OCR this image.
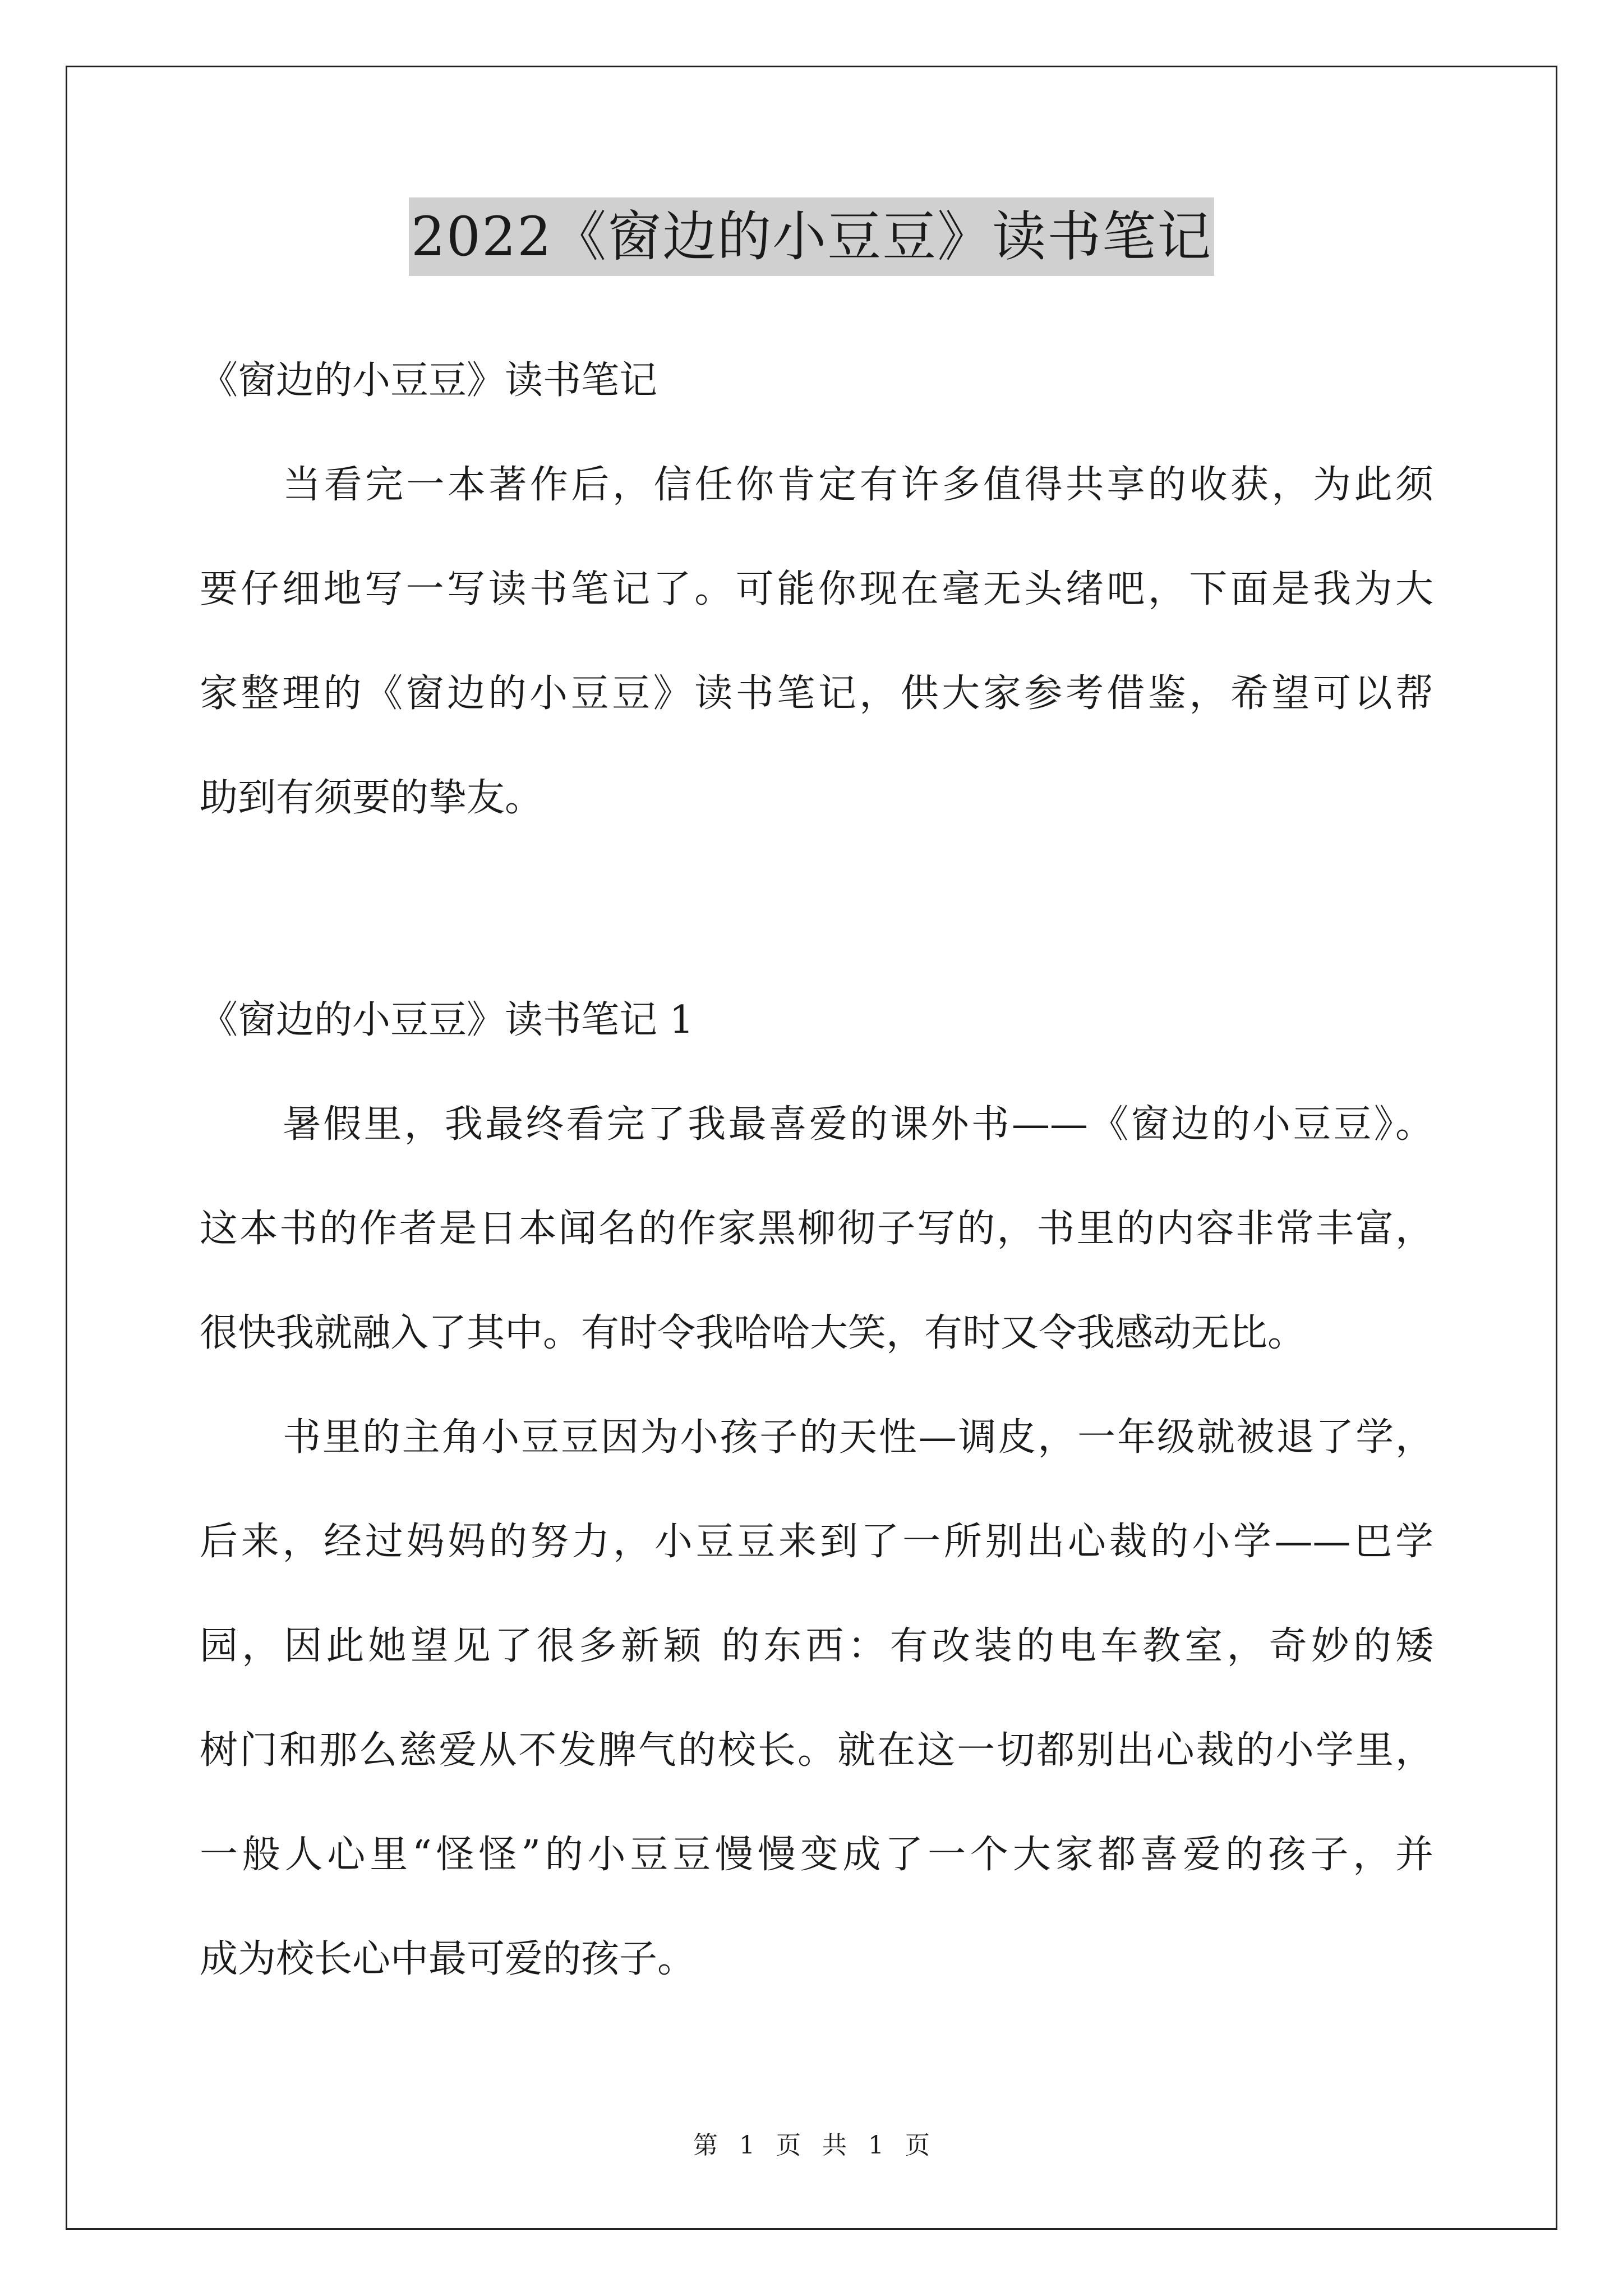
2022《窗边的小豆豆》读书笔记
《窗边的小豆豆》读书笔记
当看完一本著作后，信任你肯定有许多值得共享的收获，为此须
要仔细地写一写读书笔记了。可能你现在毫无头绪吧，下面是我为大
家整理的《窗边的小豆豆》读书笔记，供大家参考借鉴，希望可以帮
助到有须要的挚友。
《窗边的小豆豆》读书笔记 1
暑假里，我最终看完了我最喜爱的课外书——《窗边的小豆豆》。
这本书的作者是日本闻名的作家黑柳彻子写的，书里的内容非常丰富，
很快我就融入了其中。有时令我哈哈大笑，有时又令我感动无比。
书里的主角小豆豆因为小孩子的天性—调皮，一年级就被退了学，
后来，经过妈妈的努力，小豆豆来到了一所别出心裁的小学——巴学
园，因此她望见了很多新颖 的东西：有改装的电车教室，奇妙的矮
树门和那么慈爱从不发脾气的校长。就在这一切都别出心裁的小学里，
一般人心里“怪怪”的小豆豆慢慢变成了一个大家都喜爱的孩子，并
成为校长心中最可爱的孩子。
第 1 页 共 1 页
